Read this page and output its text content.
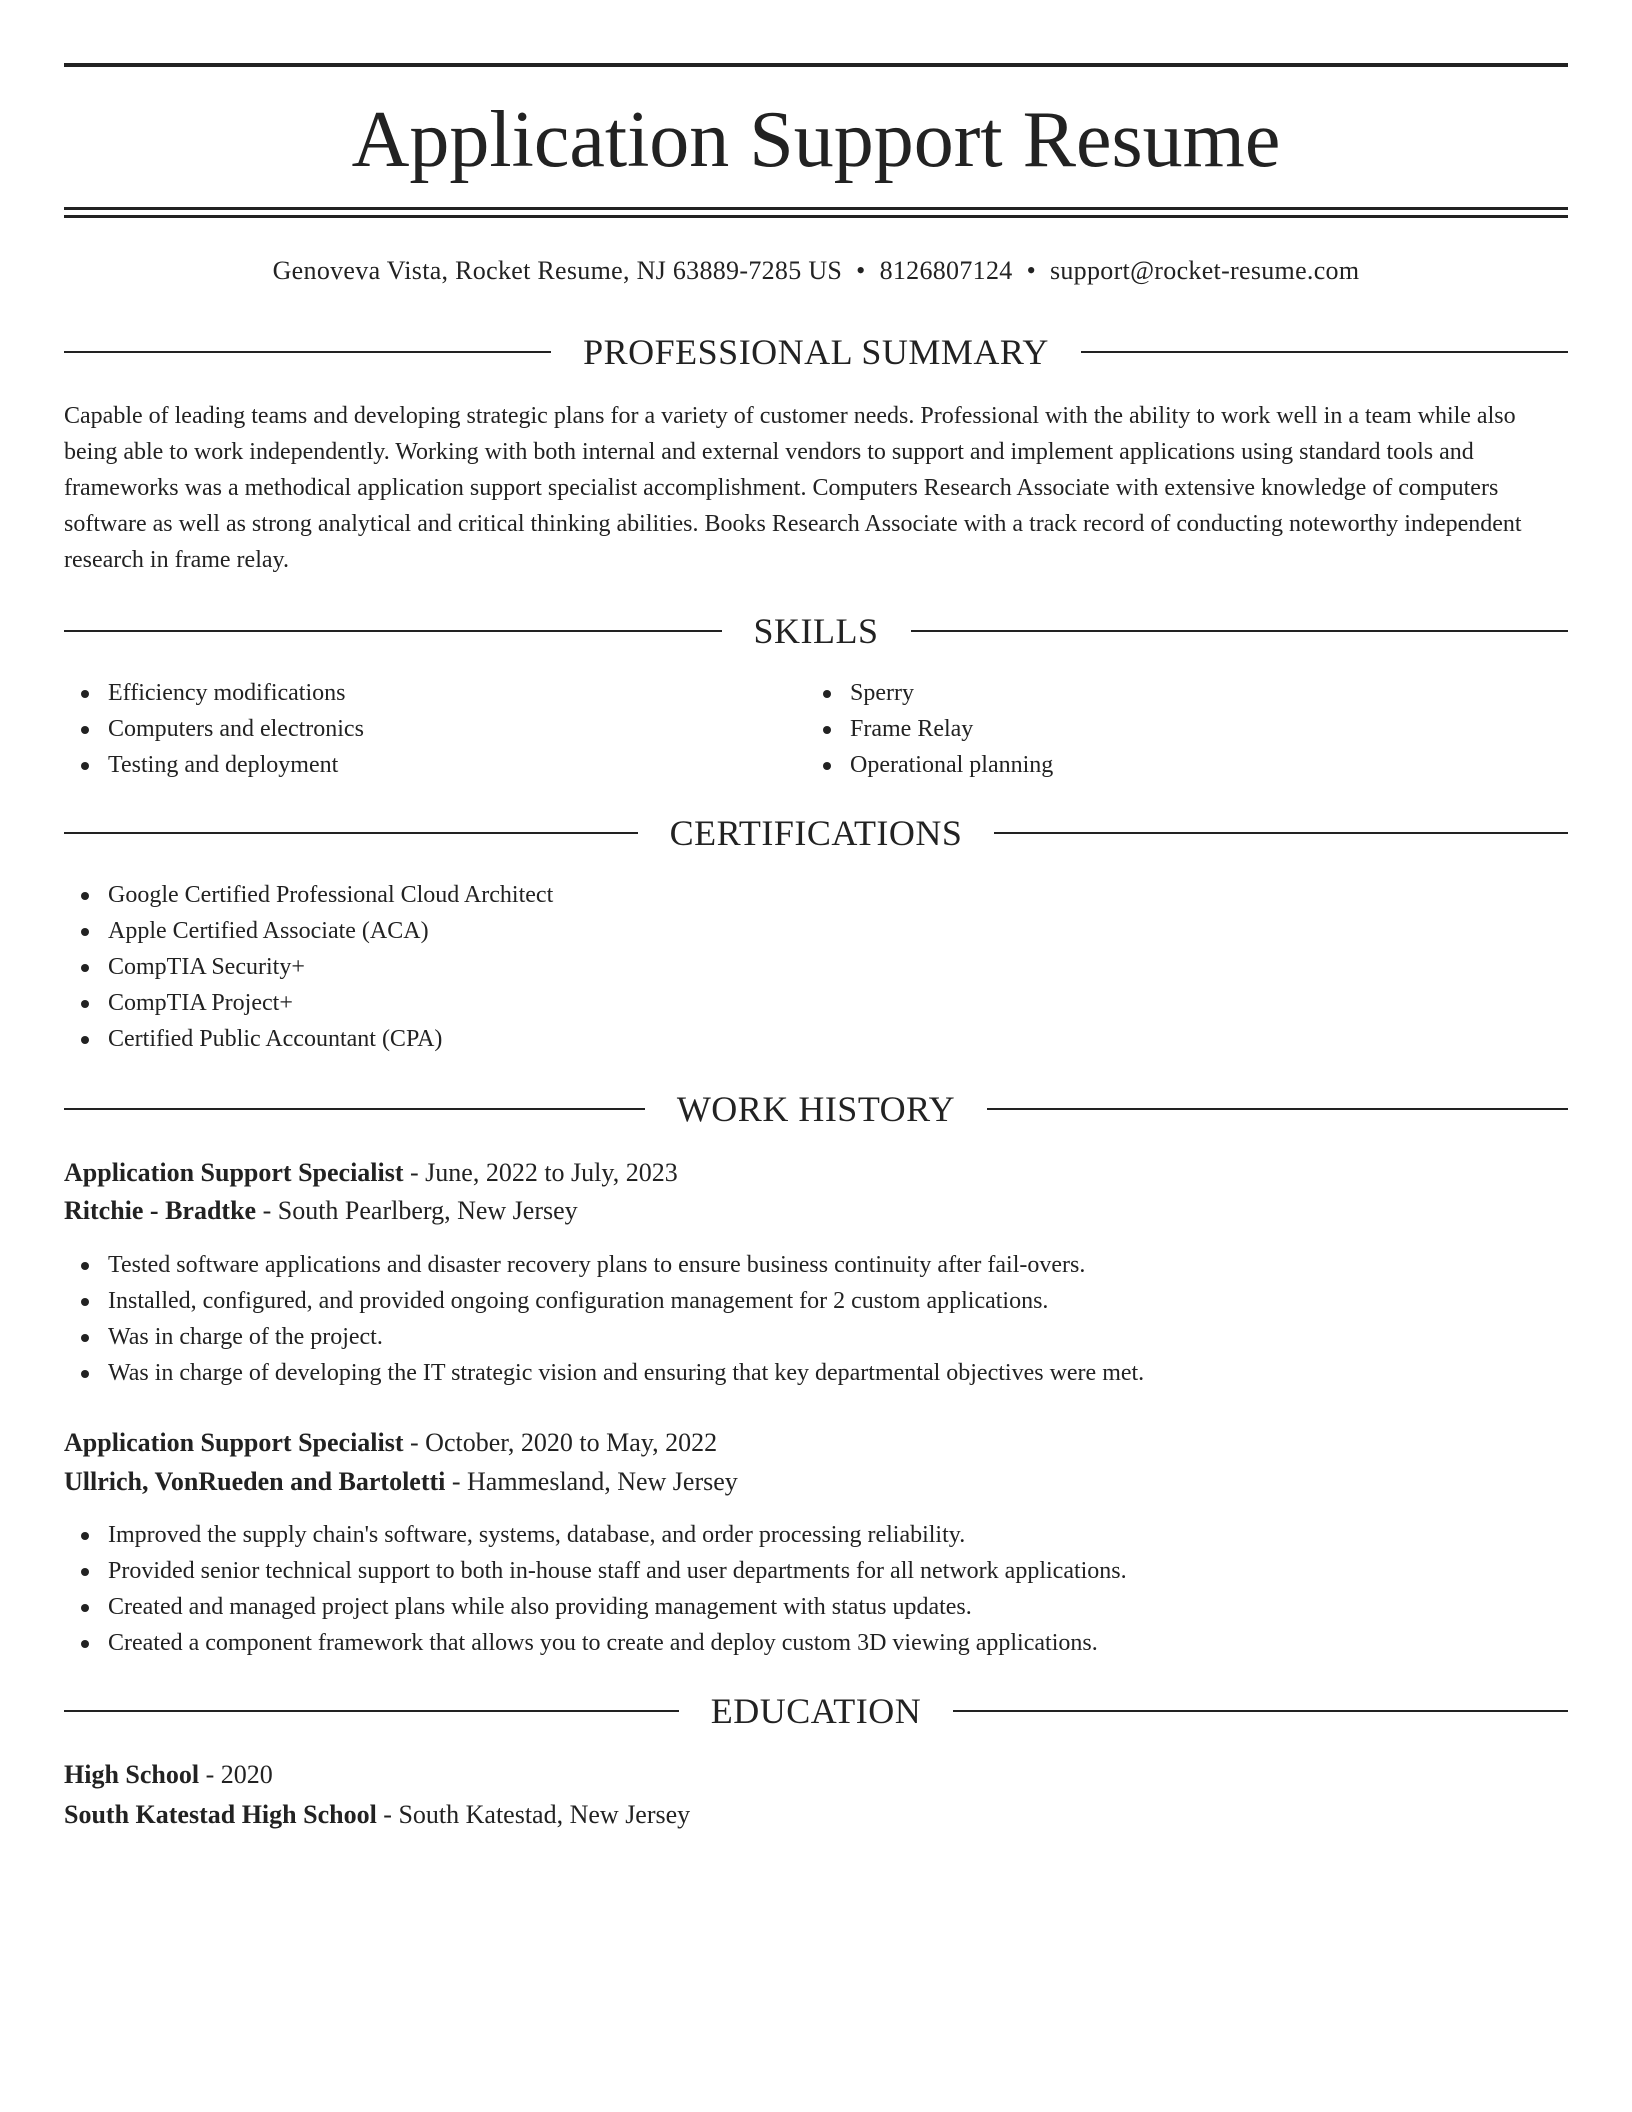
Application Support Resume
Genoveva Vista, Rocket Resume, NJ 63889-7285 US • 8126807124 • support@rocket-resume.com
PROFESSIONAL SUMMARY

Capable of leading teams and developing strategic plans for a variety of customer needs. Professional with the ability to work well in a team while also being able to work independently. Working with both internal and external vendors to support and implement applications using standard tools and frameworks was a methodical application support specialist accomplishment. Computers Research Associate with extensive knowledge of computers software as well as strong analytical and critical thinking abilities. Books Research Associate with a track record of conducting noteworthy independent research in frame relay.

SKILLS
Efficiency modifications
Computers and electronics
Testing and deployment
Sperry
Frame Relay
Operational planning
CERTIFICATIONS
Google Certified Professional Cloud Architect
Apple Certified Associate (ACA)
CompTIA Security+
CompTIA Project+
Certified Public Accountant (CPA)
WORK HISTORY
Application Support Specialist - June, 2022 to July, 2023
Ritchie - Bradtke - South Pearlberg, New Jersey
Tested software applications and disaster recovery plans to ensure business continuity after fail-overs.
Installed, configured, and provided ongoing configuration management for 2 custom applications.
Was in charge of the project.
Was in charge of developing the IT strategic vision and ensuring that key departmental objectives were met.
Application Support Specialist - October, 2020 to May, 2022
Ullrich, VonRueden and Bartoletti - Hammesland, New Jersey
Improved the supply chain's software, systems, database, and order processing reliability.
Provided senior technical support to both in-house staff and user departments for all network applications.
Created and managed project plans while also providing management with status updates.
Created a component framework that allows you to create and deploy custom 3D viewing applications.
EDUCATION
High School - 2020
South Katestad High School - South Katestad, New Jersey
